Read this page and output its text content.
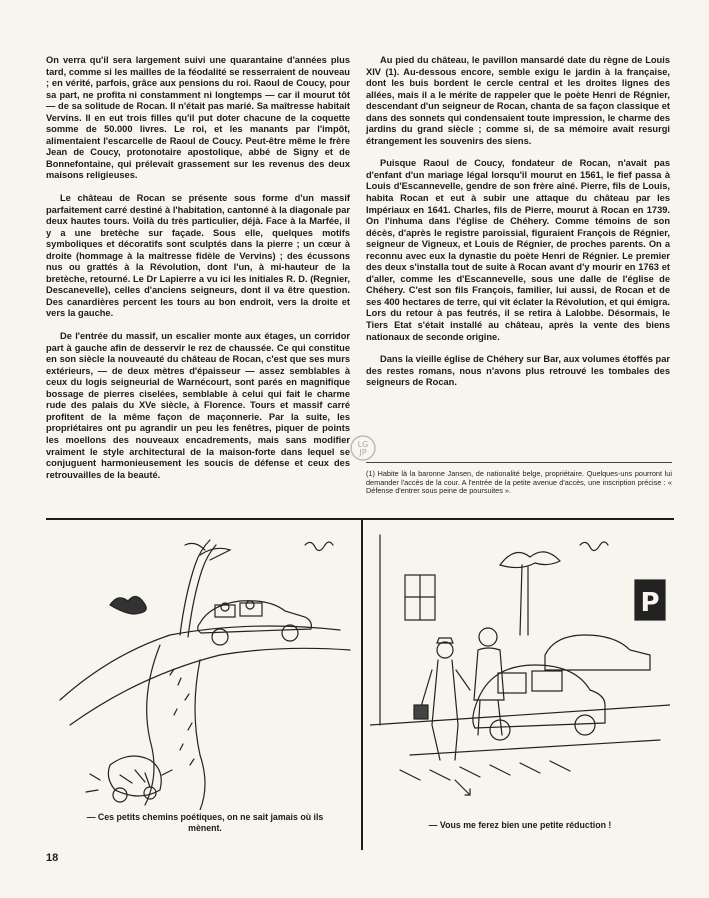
On verra qu'il sera largement suivi une quarantaine d'années plus tard, comme si les mailles de la féodalité se resserraient de nouveau ; en vérité, parfois, grâce aux pensions du roi. Raoul de Coucy, pour sa part, ne profita ni constamment ni longtemps — car il mourut tôt — de sa solitude de Rocan. Il n'était pas marié. Sa maîtresse habitait Vervins. Il en eut trois filles qu'il put doter chacune de la coquette somme de 50.000 livres. Le roi, et les manants par l'impôt, alimentaient l'escarcelle de Raoul de Coucy. Peut-être même le frère Jean de Coucy, protonotaire apostolique, abbé de Signy et de Bonnefontaine, qui prélevait grassement sur les revenus des deux maisons religieuses.

Le château de Rocan se présente sous forme d'un massif parfaitement carré destiné à l'habitation, cantonné à la diagonale par deux hautes tours. Voilà du très particulier, déjà. Face à la Marfée, il y a une bretèche sur façade. Sous elle, quelques motifs symboliques et décoratifs sont sculptés dans la pierre ; un cœur à droite (hommage à la maîtresse fidèle de Vervins) ; des écussons nus ou grattés à la Révolution, dont l'un, à mi-hauteur de la bretèche, retourné. Le Dr Lapierre a vu ici les initiales R. D. (Regnier, Descanevelle), celles d'anciens seigneurs, dont il va être question. Des canardières percent les tours au bon endroit, vers la droite et vers la gauche.

De l'entrée du massif, un escalier monte aux étages, un corridor part à gauche afin de desservir le rez de chaussée. Ce qui constitue en son siècle la nouveauté du château de Rocan, c'est que ses murs extérieurs, — de deux mètres d'épaisseur — assez semblables à ceux du logis seigneurial de Warnécourt, sont parés en magnifique bossage de pierres ciselées, semblable à celui qui fait le charme rude des palais du XVe siècle, à Florence. Tours et massif carré profitent de la même façon de maçonnerie. Par la suite, les propriétaires ont pu agrandir un peu les fenêtres, piquer de points les moellons des nouveaux encadrements, mais sans modifier vraiment le style architectural de la maison-forte dans lequel se conjuguent harmonieusement les soucis de défense et ceux des retrouvailles de la beauté.

Au pied du château, le pavillon mansardé date du règne de Louis XIV (1). Au-dessous encore, semble exigu le jardin à la française, dont les buis bordent le cercle central et les droites lignes des allées, mais il a le mérite de rappeler que le poète Henri de Régnier, descendant d'un seigneur de Rocan, chanta de sa façon classique et dans des sonnets qui condensaient toute impression, le charme des jardins du grand siècle ; comme si, de sa mémoire avait resurgi étrangement les souvenirs des siens.

Puisque Raoul de Coucy, fondateur de Rocan, n'avait pas d'enfant d'un mariage légal lorsqu'il mourut en 1561, le fief passa à Louis d'Escannevelle, gendre de son frère aîné. Pierre, fils de Louis, habita Rocan et eut à subir une attaque du château par les Impériaux en 1641. Charles, fils de Pierre, mourut à Rocan en 1739. On l'inhuma dans l'église de Chéhery. Comme témoins de son décès, d'après le registre paroissial, figuraient François de Régnier, seigneur de Vigneux, et Louis de Régnier, de proches parents. On a reconnu avec eux la dynastie du poète Henri de Régnier. Le premier des deux s'installa tout de suite à Rocan avant d'y mourir en 1763 et d'aller, comme les d'Escannevelle, sous une dalle de l'église de Chéhery. C'est son fils François, familier, lui aussi, de Rocan et de ses 400 hectares de terre, qui vit éclater la Révolution, et qui émigra. Lors du retour à pas feutrés, il se retira à Lalobbe. Désormais, le Tiers Etat s'était installé au château, après la vente des biens nationaux de seconde origine.

Dans la vieille église de Chéhery sur Bar, aux volumes étoffés par des restes romans, nous n'avons plus retrouvé les tombales des seigneurs de Rocan.

(1) Habite là la baronne Jansen, de nationalité belge, propriétaire. Quelques-uns pourront lui demander l'accès de la cour. A l'entrée de la petite avenue d'accès, une inscription précise : « Défense d'entrer sous peine de poursuites ».
LG
JP
P
— Ces petits chemins poétiques, on ne sait jamais où ils mènent.	— Vous me ferez bien une petite réduction !
18
